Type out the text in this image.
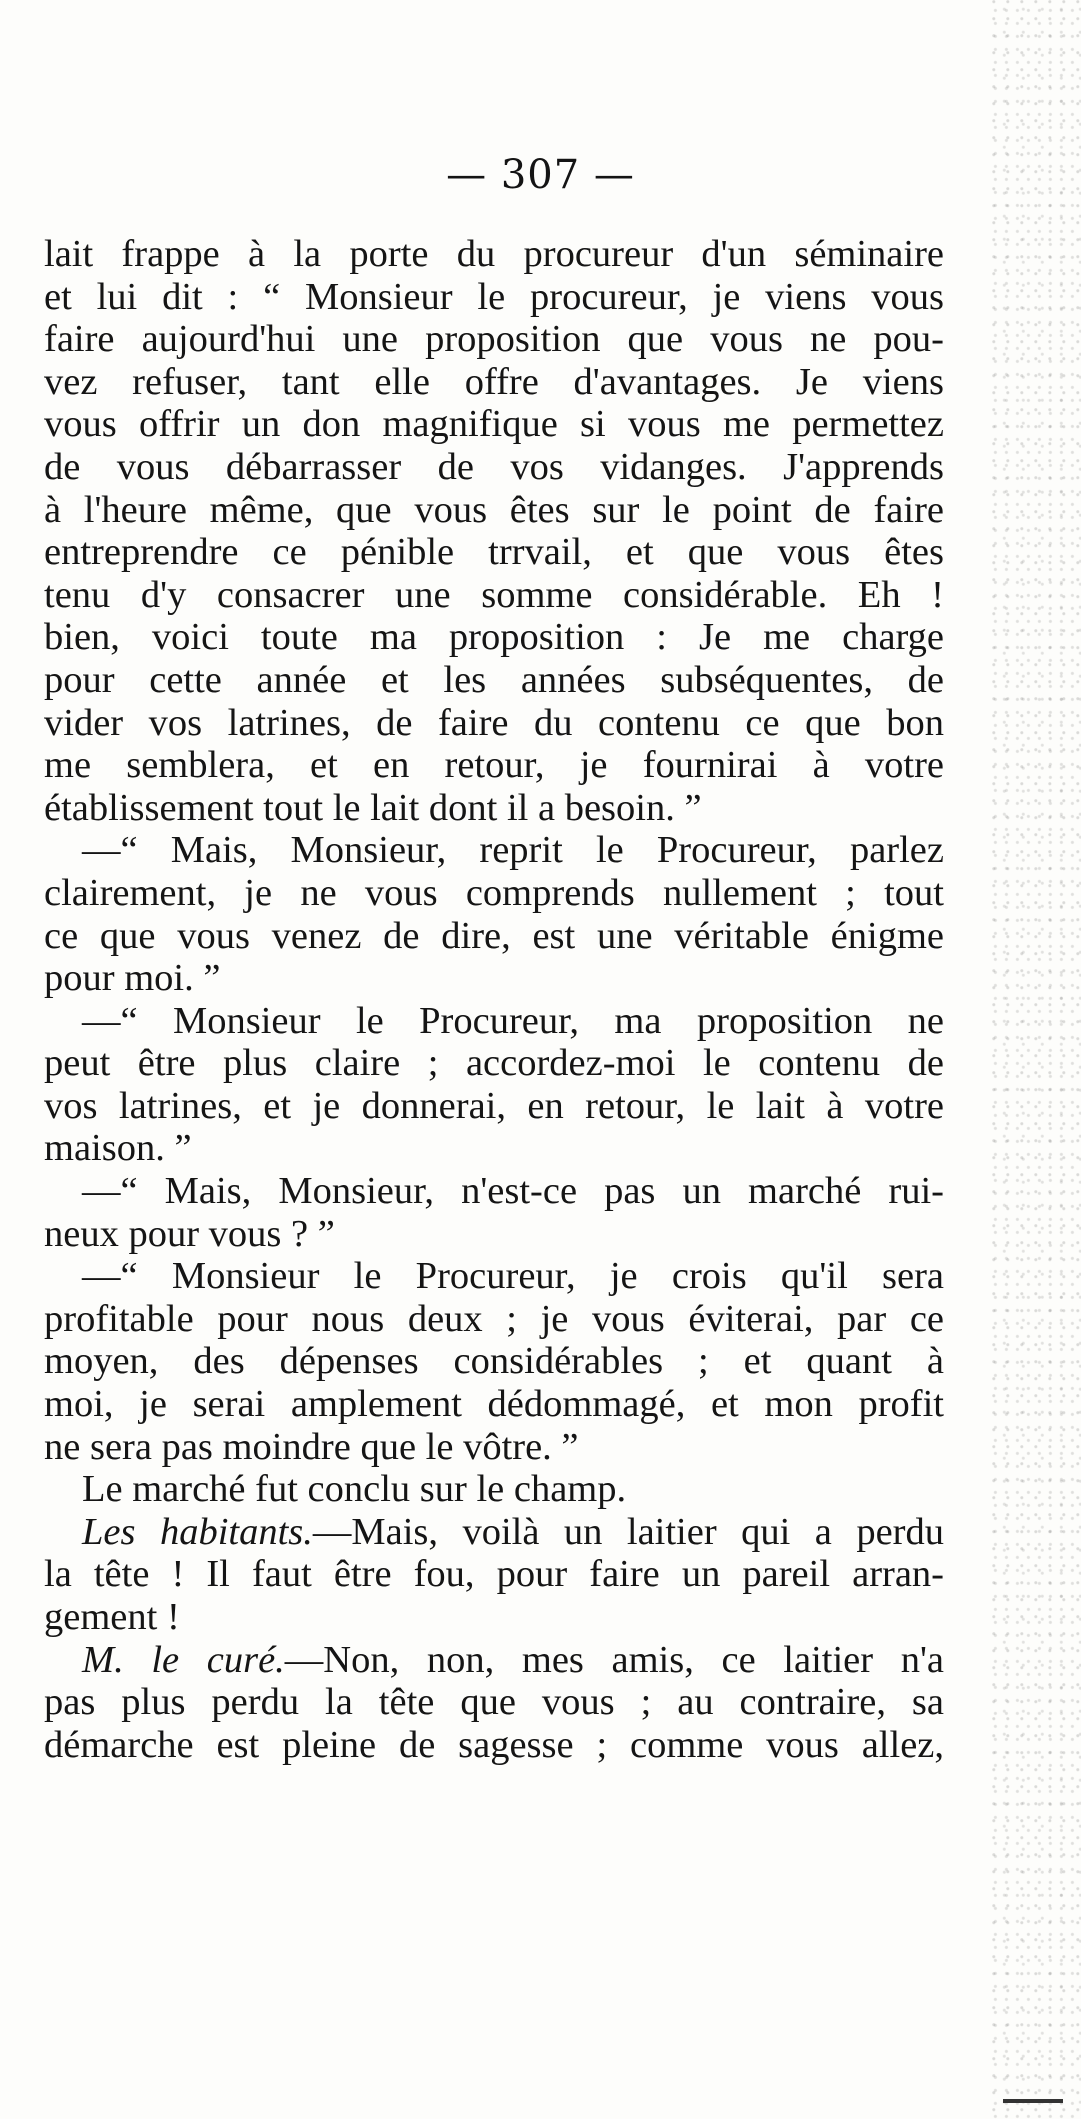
— 307 —
lait frappe à la porte du procureur d'un séminaire
et lui dit : “ Monsieur le procureur, je viens vous
faire aujourd'hui une proposition que vous ne pou-
vez refuser, tant elle offre d'avantages. Je viens
vous offrir un don magnifique si vous me permettez
de vous débarrasser de vos vidanges. J'apprends
à l'heure même, que vous êtes sur le point de faire
entreprendre ce pénible trrvail, et que vous êtes
tenu d'y consacrer une somme considérable. Eh !
bien, voici toute ma proposition : Je me charge
pour cette année et les années subséquentes, de
vider vos latrines, de faire du contenu ce que bon
me semblera, et en retour, je fournirai à votre
établissement tout le lait dont il a besoin. ”
—“ Mais, Monsieur, reprit le Procureur, parlez
clairement, je ne vous comprends nullement ; tout
ce que vous venez de dire, est une véritable énigme
pour moi. ”
—“ Monsieur le Procureur, ma proposition ne
peut être plus claire ; accordez-moi le contenu de
vos latrines, et je donnerai, en retour, le lait à votre
maison. ”
—“ Mais, Monsieur, n'est-ce pas un marché rui-
neux pour vous ? ”
—“ Monsieur le Procureur, je crois qu'il sera
profitable pour nous deux ; je vous éviterai, par ce
moyen, des dépenses considérables ; et quant à
moi, je serai amplement dédommagé, et mon profit
ne sera pas moindre que le vôtre. ”
Le marché fut conclu sur le champ.
Les habitants.—Mais, voilà un laitier qui a perdu
la tête ! Il faut être fou, pour faire un pareil arran-
gement !
M. le curé.—Non, non, mes amis, ce laitier n'a
pas plus perdu la tête que vous ; au contraire, sa
démarche est pleine de sagesse ; comme vous allez,
